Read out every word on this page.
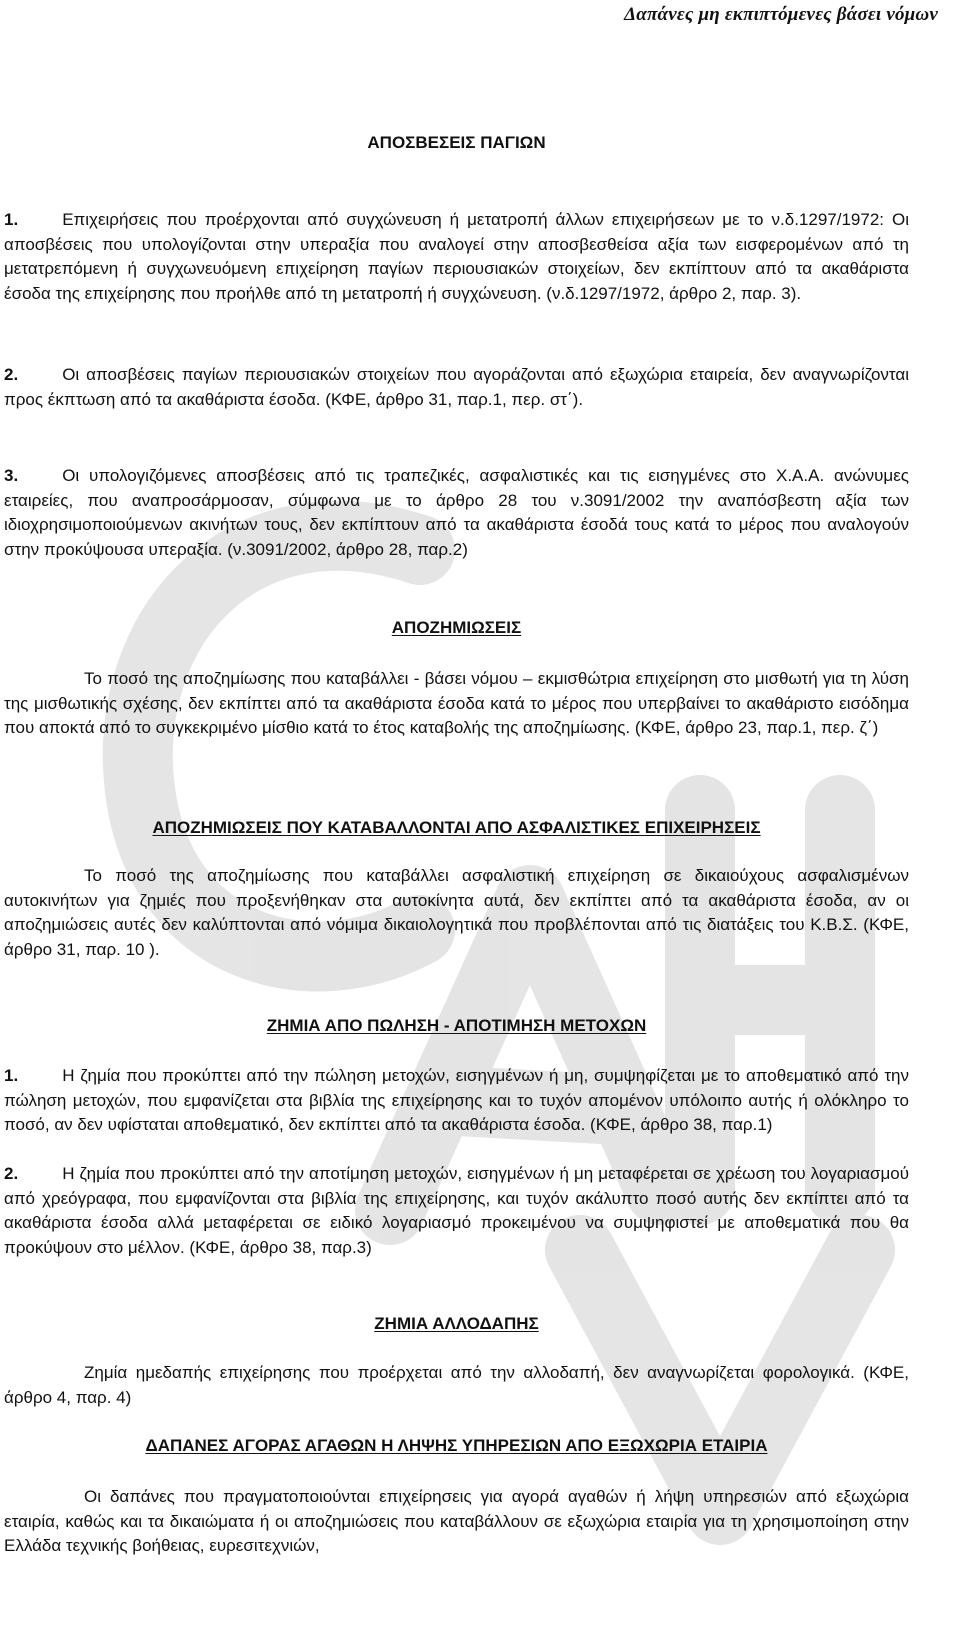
Δαπάνες μη εκπιπτόμενες βάσει νόμων
ΑΠΟΣΒΕΣΕΙΣ ΠΑΓΙΩΝ
1.	Επιχειρήσεις που προέρχονται από συγχώνευση ή μετατροπή άλλων επιχειρήσεων με το ν.δ.1297/1972: Οι αποσβέσεις που υπολογίζονται στην υπεραξία που αναλογεί στην αποσβεσθείσα αξία των εισφερομένων από τη μετατρεπόμενη ή συγχωνευόμενη επιχείρηση παγίων περιουσιακών στοιχείων, δεν εκπίπτουν από τα ακαθάριστα έσοδα της επιχείρησης που προήλθε από τη μετατροπή ή συγχώνευση. (ν.δ.1297/1972, άρθρο 2, παρ. 3).
2.	Οι αποσβέσεις παγίων περιουσιακών στοιχείων που αγοράζονται από εξωχώρια εταιρεία, δεν αναγνωρίζονται προς έκπτωση από τα ακαθάριστα έσοδα. (ΚΦΕ, άρθρο 31, παρ.1, περ. στ΄).
3.	Οι υπολογιζόμενες αποσβέσεις από τις τραπεζικές, ασφαλιστικές και τις εισηγμένες στο Χ.Α.Α. ανώνυμες εταιρείες, που αναπροσάρμοσαν, σύμφωνα με το άρθρο 28 του ν.3091/2002 την αναπόσβεστη αξία των ιδιοχρησιμοποιούμενων ακινήτων τους, δεν εκπίπτουν από τα ακαθάριστα έσοδά τους κατά το μέρος που αναλογούν στην προκύψουσα υπεραξία. (ν.3091/2002, άρθρο 28, παρ.2)
ΑΠΟΖΗΜΙΩΣΕΙΣ
Το ποσό της αποζημίωσης που καταβάλλει - βάσει νόμου – εκμισθώτρια επιχείρηση στο μισθωτή για τη λύση της μισθωτικής σχέσης, δεν εκπίπτει από τα ακαθάριστα έσοδα κατά το μέρος που υπερβαίνει το ακαθάριστο εισόδημα που αποκτά από το συγκεκριμένο μίσθιο κατά το έτος καταβολής της αποζημίωσης. (ΚΦΕ, άρθρο 23, παρ.1, περ. ζ΄)
ΑΠΟΖΗΜΙΩΣΕΙΣ ΠΟΥ ΚΑΤΑΒΑΛΛΟΝΤΑΙ ΑΠΟ ΑΣΦΑΛΙΣΤΙΚΕΣ ΕΠΙΧΕΙΡΗΣΕΙΣ
Το ποσό της αποζημίωσης που καταβάλλει ασφαλιστική επιχείρηση σε δικαιούχους ασφαλισμένων αυτοκινήτων για ζημιές που προξενήθηκαν στα αυτοκίνητα αυτά, δεν εκπίπτει από τα ακαθάριστα έσοδα, αν οι αποζημιώσεις αυτές δεν καλύπτονται από νόμιμα δικαιολογητικά που προβλέπονται από τις διατάξεις του Κ.Β.Σ. (ΚΦΕ, άρθρο 31, παρ. 10 ).
ΖΗΜΙΑ ΑΠΟ ΠΩΛΗΣΗ - ΑΠΟΤΙΜΗΣΗ ΜΕΤΟΧΩΝ
1.	Η ζημία που προκύπτει από την πώληση μετοχών, εισηγμένων ή μη, συμψηφίζεται με το αποθεματικό από την πώληση μετοχών, που εμφανίζεται στα βιβλία της επιχείρησης και το τυχόν απομένον υπόλοιπο αυτής ή ολόκληρο το ποσό, αν δεν υφίσταται αποθεματικό, δεν εκπίπτει από τα ακαθάριστα έσοδα. (ΚΦΕ, άρθρο 38, παρ.1)
2.	Η ζημία που προκύπτει από την αποτίμηση μετοχών, εισηγμένων ή μη μεταφέρεται σε χρέωση του λογαριασμού από χρεόγραφα, που εμφανίζονται στα βιβλία της επιχείρησης, και τυχόν ακάλυπτο ποσό αυτής δεν εκπίπτει από τα ακαθάριστα έσοδα αλλά μεταφέρεται σε ειδικό λογαριασμό προκειμένου να συμψηφιστεί με αποθεματικά που θα προκύψουν στο μέλλον. (ΚΦΕ, άρθρο 38, παρ.3)
ΖΗΜΙΑ ΑΛΛΟΔΑΠΗΣ
Ζημία ημεδαπής επιχείρησης που προέρχεται από την αλλοδαπή, δεν αναγνωρίζεται φορολογικά. (ΚΦΕ, άρθρο 4, παρ. 4)
ΔΑΠΑΝΕΣ ΑΓΟΡΑΣ ΑΓΑΘΩΝ Η ΛΗΨΗΣ ΥΠΗΡΕΣΙΩΝ ΑΠΟ ΕΞΩΧΩΡΙΑ ΕΤΑΙΡΙΑ
Οι δαπάνες που πραγματοποιούνται επιχείρησεις για αγορά αγαθών ή λήψη υπηρεσιών από εξωχώρια εταιρία, καθώς και τα δικαιώματα ή οι αποζημιώσεις που καταβάλλουν σε εξωχώρια εταιρία για τη χρησιμοποίηση στην Ελλάδα τεχνικής βοήθειας, ευρεσιτεχνιών,
